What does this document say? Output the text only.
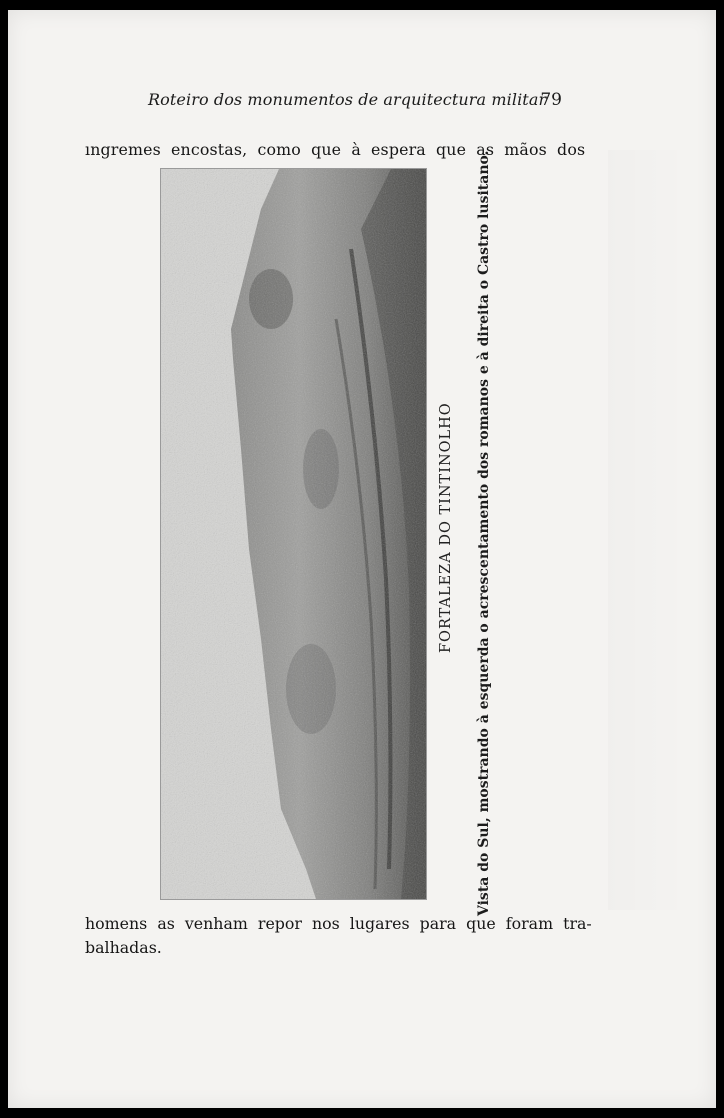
Roteiro dos monumentos de arquitectura militar
79
ıngremes encostas, como que à espera que as mãos dos
FORTALEZA DO TINTINOLHO	Vista do Sul, mostrando à esquerda o acrescentamento dos romanos e à direita o Castro lusitano.
homens as venham repor nos lugares para que foram tra-
balhadas.
